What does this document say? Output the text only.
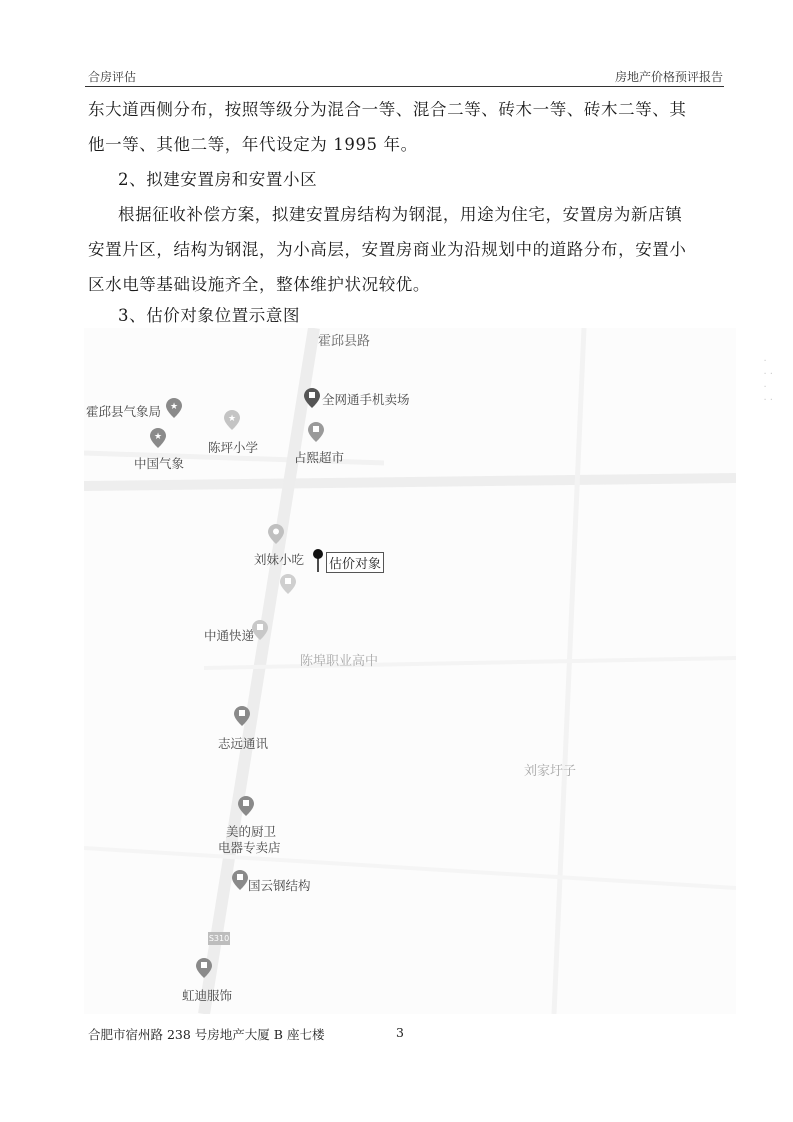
合房评估	房地产价格预评报告
东大道西侧分布，按照等级分为混合一等、混合二等、砖木一等、砖木二等、其
他一等、其他二等，年代设定为 1995 年。
2、拟建安置房和安置小区
根据征收补偿方案，拟建安置房结构为钢混，用途为住宅，安置房为新店镇
安置片区，结构为钢混，为小高层，安置房商业为沿规划中的道路分布，安置小
区水电等基础设施齐全，整体维护状况较优。
3、估价对象位置示意图
霍邱县路
霍邱县气象局 ★
★
中国气象
★
陈坪小学
全网通手机卖场
占熙超市
刘妹小吃 估价对象
中通快递
陈埠职业高中
志远通讯
刘家圩子
美的厨卫
电器专卖店
国云钢结构
S310
虹迪服饰
·
· ·
·
· ·
合肥市宿州路 238 号房地产大厦 B 座七楼	3
